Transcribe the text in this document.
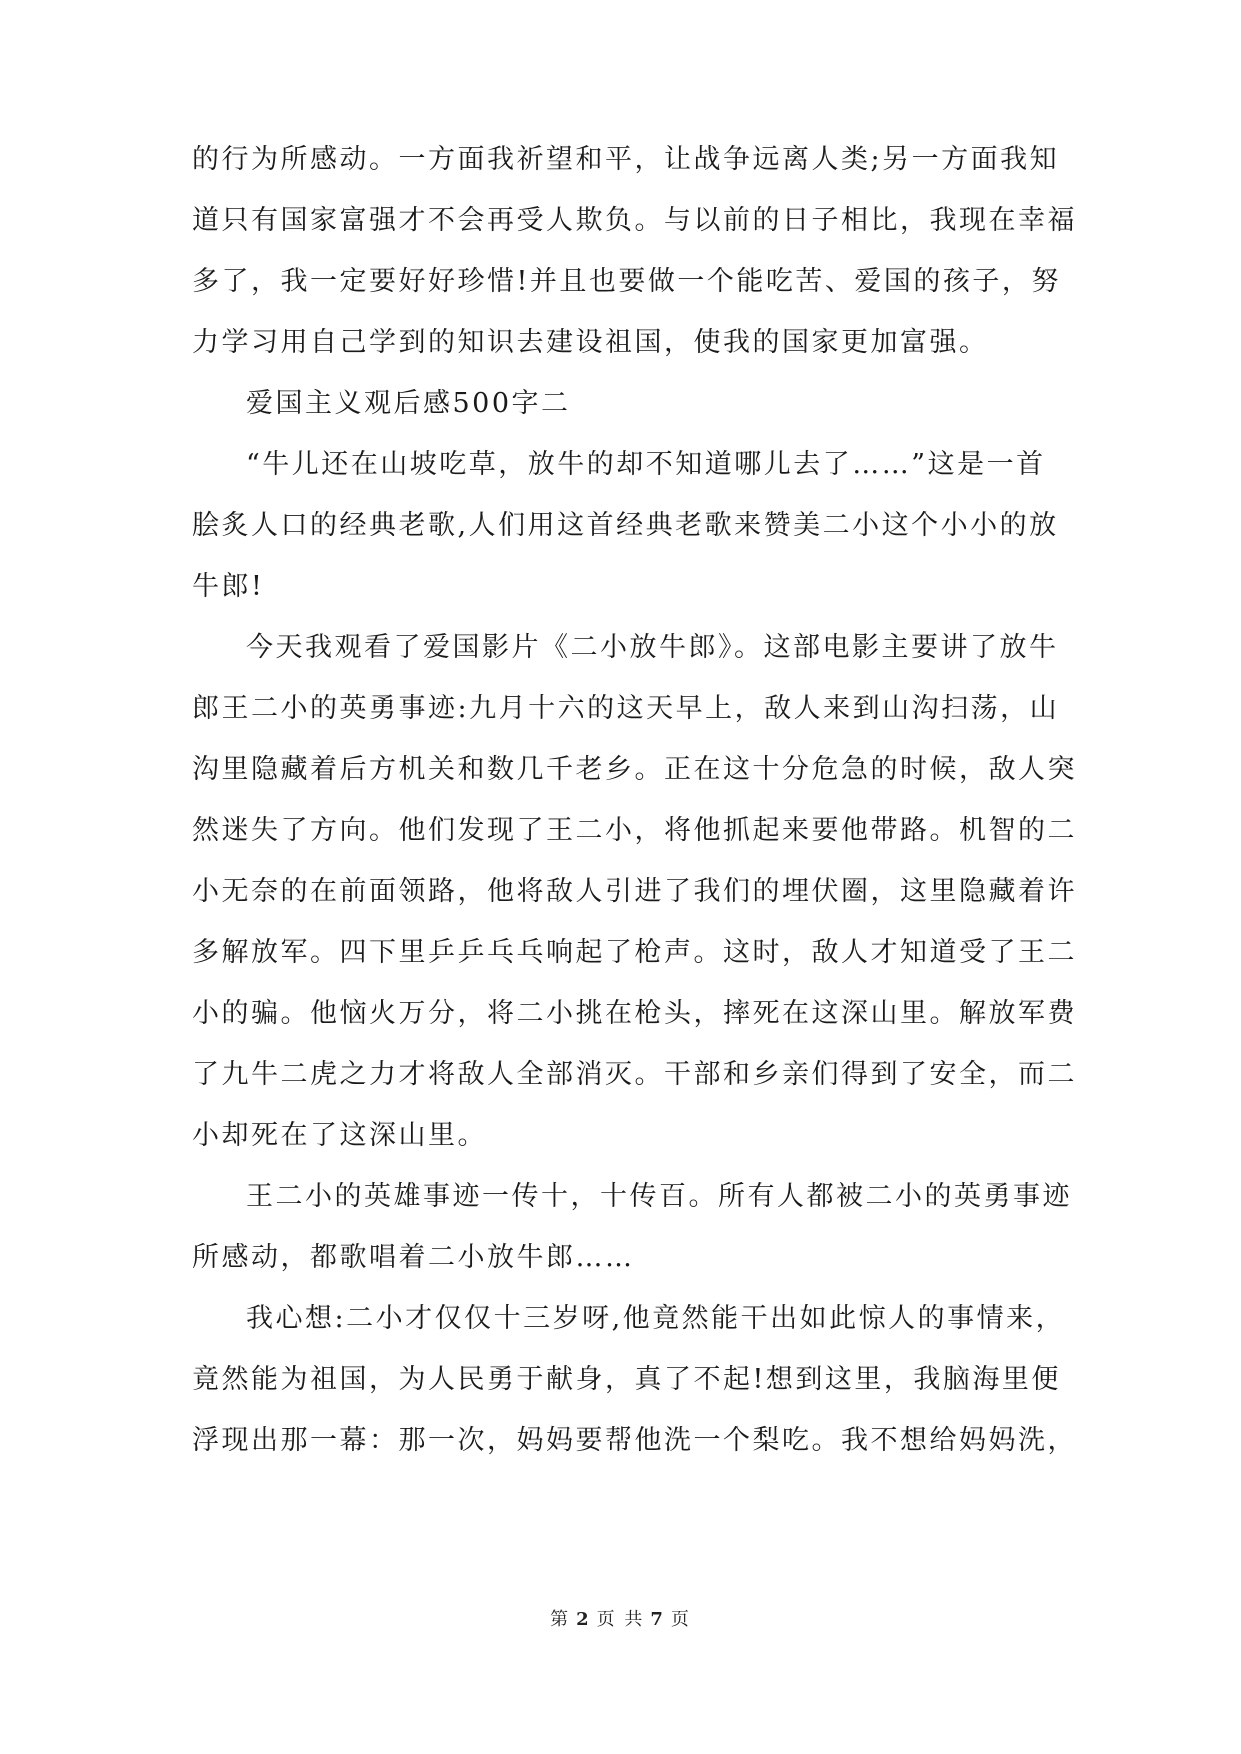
的行为所感动。一方面我祈望和平，让战争远离人类;另一方面我知
道只有国家富强才不会再受人欺负。与以前的日子相比，我现在幸福
多了，我一定要好好珍惜!并且也要做一个能吃苦、爱国的孩子，努
力学习用自己学到的知识去建设祖国，使我的国家更加富强。
爱国主义观后感500字二
“牛儿还在山坡吃草，放牛的却不知道哪儿去了……”这是一首
脍炙人口的经典老歌,人们用这首经典老歌来赞美二小这个小小的放
牛郎!
今天我观看了爱国影片《二小放牛郎》。这部电影主要讲了放牛
郎王二小的英勇事迹:九月十六的这天早上，敌人来到山沟扫荡，山
沟里隐藏着后方机关和数几千老乡。正在这十分危急的时候，敌人突
然迷失了方向。他们发现了王二小，将他抓起来要他带路。机智的二
小无奈的在前面领路，他将敌人引进了我们的埋伏圈，这里隐藏着许
多解放军。四下里乒乒乓乓响起了枪声。这时，敌人才知道受了王二
小的骗。他恼火万分，将二小挑在枪头，摔死在这深山里。解放军费
了九牛二虎之力才将敌人全部消灭。干部和乡亲们得到了安全，而二
小却死在了这深山里。
王二小的英雄事迹一传十，十传百。所有人都被二小的英勇事迹
所感动，都歌唱着二小放牛郎……
我心想:二小才仅仅十三岁呀,他竟然能干出如此惊人的事情来，
竟然能为祖国，为人民勇于献身，真了不起!想到这里，我脑海里便
浮现出那一幕：那一次，妈妈要帮他洗一个梨吃。我不想给妈妈洗，
第 2 页 共 7 页
